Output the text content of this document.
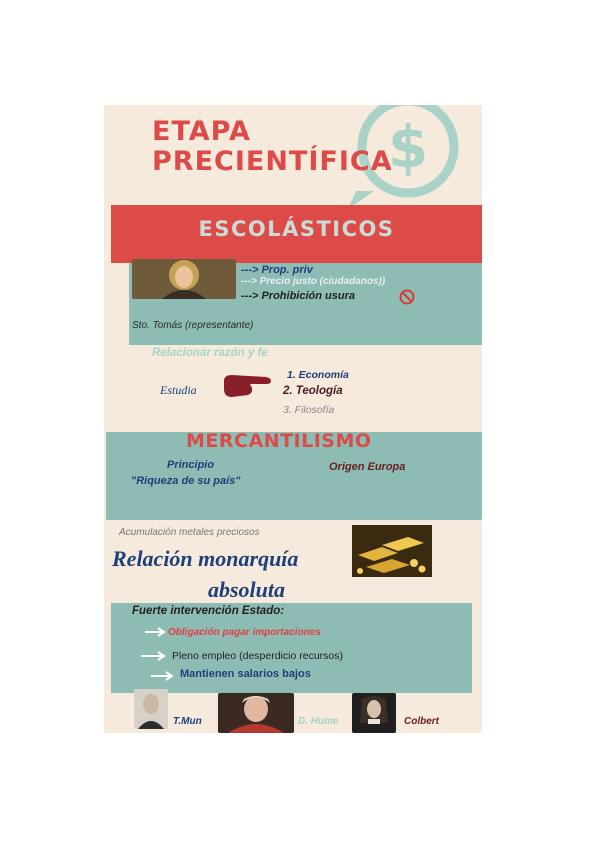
$
ETAPA
PRECIENTÍFICA
ESCOLÁSTICOS
---> Prop. priv
---> Precio justo (ciudadanos))
---> Prohibición usura
Sto. Tomás (representante)
Relacionar razón y fe
Estudia
1. Economía
2. Teología
3. Filosofía
MERCANTILISMO
Principio
"Riqueza de su país"
Origen Europa
Acumulación metales preciosos
Relación monarquía
absoluta
Fuerte intervención Estado:
Obligación pagar importaciones
Pleno empleo (desperdicio recursos)
Mantienen salarios bajos
T.Mun	D. Hume	Colbert
